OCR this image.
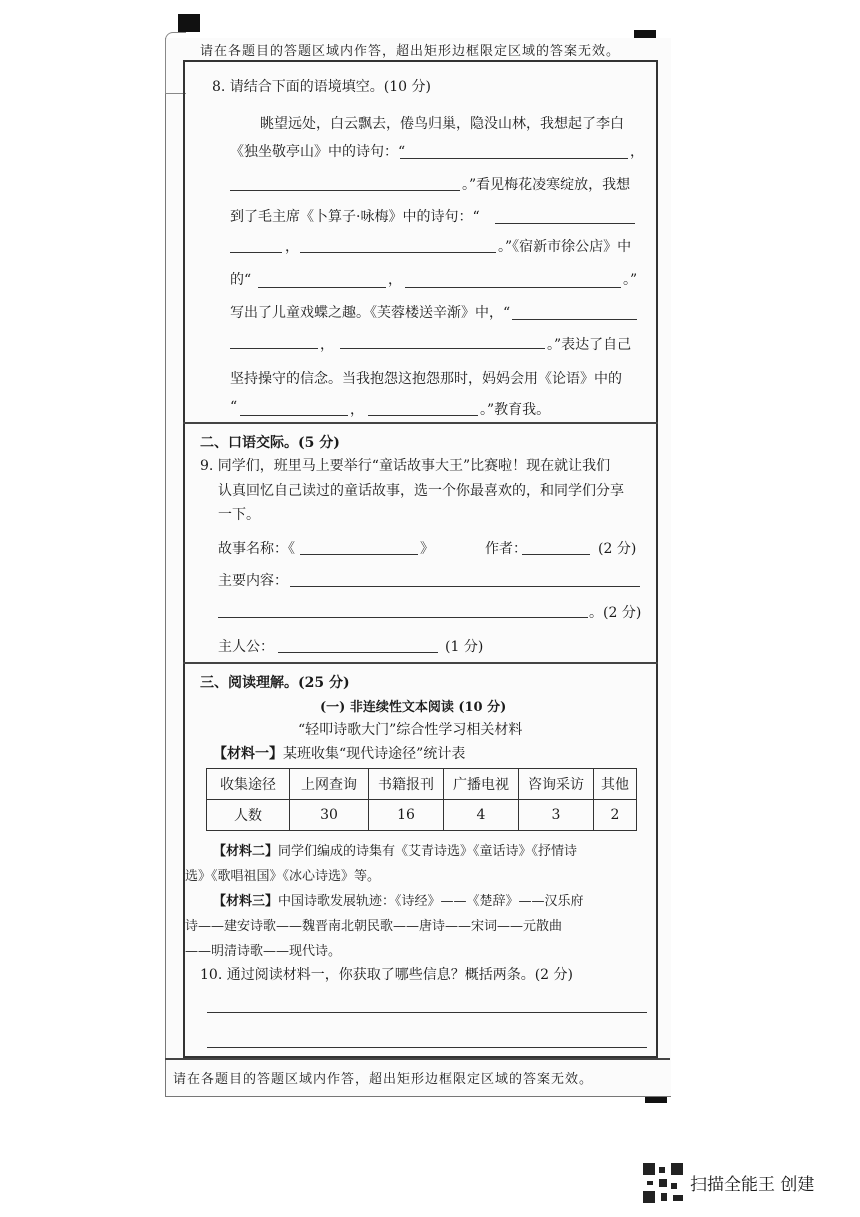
请在各题目的答题区域内作答，超出矩形边框限定区域的答案无效。
8. 请结合下面的语境填空。(10 分)
眺望远处，白云飘去，倦鸟归巢，隐没山林，我想起了李白
《独坐敬亭山》中的诗句：“	，
。”看见梅花凌寒绽放，我想
到了毛主席《卜算子·咏梅》中的诗句：“
，	。”《宿新市徐公店》中
的“	，	。”
写出了儿童戏蝶之趣。《芙蓉楼送辛渐》中，“
，	。”表达了自己
坚持操守的信念。当我抱怨这抱怨那时，妈妈会用《论语》中的
“	，	。”教育我。
二、口语交际。(5 分)
9. 同学们，班里马上要举行“童话故事大王”比赛啦！现在就让我们
认真回忆自己读过的童话故事，选一个你最喜欢的，和同学们分享
一下。
故事名称：《	》	作者：	(2 分)
主要内容：
。(2 分)
主人公：	(1 分)
三、阅读理解。(25 分)
(一) 非连续性文本阅读 (10 分)
“轻叩诗歌大门”综合性学习相关材料
【材料一】某班收集“现代诗途径”统计表
收集途径	上网查询	书籍报刊	广播电视	咨询采访	其他
人数	30	16	4	3	2
【材料二】同学们编成的诗集有《艾青诗选》《童话诗》《抒情诗
选》《歌唱祖国》《冰心诗选》等。
【材料三】中国诗歌发展轨迹：《诗经》——《楚辞》——汉乐府
诗——建安诗歌——魏晋南北朝民歌——唐诗——宋词——元散曲
——明清诗歌——现代诗。
10. 通过阅读材料一，你获取了哪些信息？概括两条。(2 分)
请在各题目的答题区域内作答，超出矩形边框限定区域的答案无效。
扫描全能王 创建
